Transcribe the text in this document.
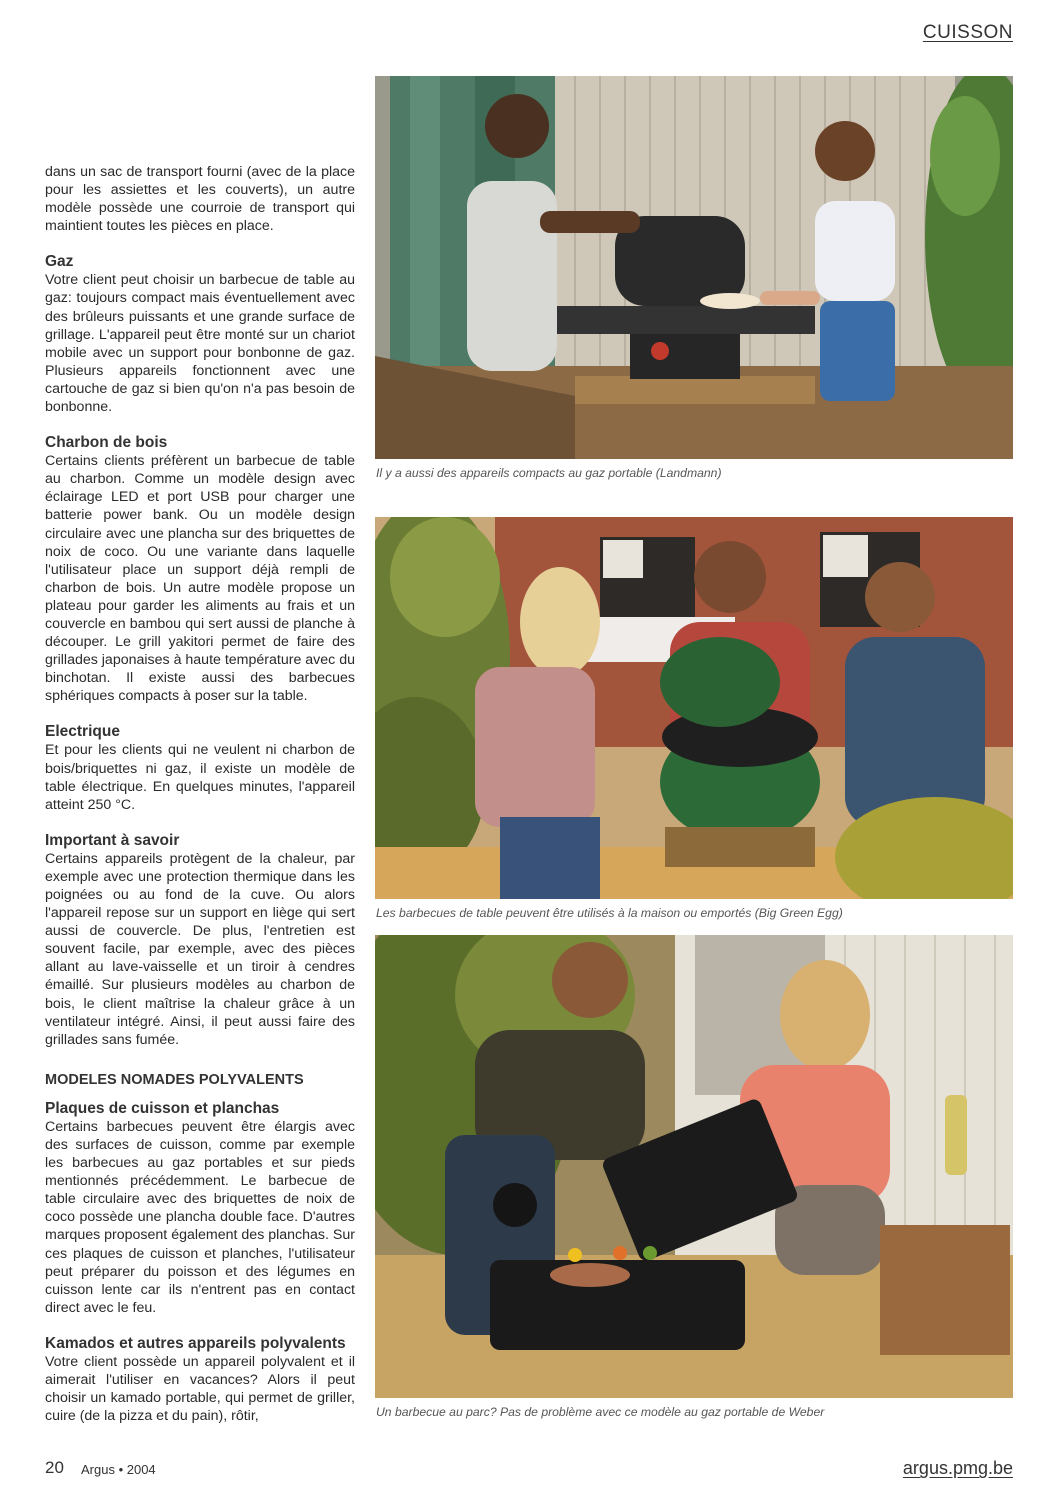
CUISSON

dans un sac de transport fourni (avec de la place pour les assiettes et les couverts), un autre modèle possède une courroie de transport qui maintient toutes les pièces en place.

Gaz

Votre client peut choisir un barbecue de table au gaz: toujours compact mais éventuellement avec des brûleurs puissants et une grande surface de grillage. L'appareil peut être monté sur un chariot mobile avec un support pour bonbonne de gaz. Plusieurs appareils fonctionnent avec une cartouche de gaz si bien qu'on n'a pas besoin de bonbonne.

Charbon de bois

Certains clients préfèrent un barbecue de table au charbon. Comme un modèle design avec éclairage LED et port USB pour charger une batterie power bank. Ou un modèle design circulaire avec une plancha sur des briquettes de noix de coco. Ou une variante dans laquelle l'utilisateur place un support déjà rempli de charbon de bois. Un autre modèle propose un plateau pour garder les aliments au frais et un couvercle en bambou qui sert aussi de planche à découper. Le grill yakitori permet de faire des grillades japonaises à haute température avec du binchotan. Il existe aussi des barbecues sphériques compacts à poser sur la table.

Electrique

Et pour les clients qui ne veulent ni charbon de bois/briquettes ni gaz, il existe un modèle de table électrique. En quelques minutes, l'appareil atteint 250 °C.

Important à savoir

Certains appareils protègent de la chaleur, par exemple avec une protection thermique dans les poignées ou au fond de la cuve. Ou alors l'appareil repose sur un support en liège qui sert aussi de couvercle. De plus, l'entretien est souvent facile, par exemple, avec des pièces allant au lave-vaisselle et un tiroir à cendres émaillé. Sur plusieurs modèles au charbon de bois, le client maîtrise la chaleur grâce à un ventilateur intégré. Ainsi, il peut aussi faire des grillades sans fumée.

MODELES NOMADES POLYVALENTS
Plaques de cuisson et planchas

Certains barbecues peuvent être élargis avec des surfaces de cuisson, comme par exemple les barbecues au gaz portables et sur pieds mentionnés précédemment. Le barbecue de table circulaire avec des briquettes de noix de coco possède une plancha double face. D'autres marques proposent également des planchas. Sur ces plaques de cuisson et planches, l'utilisateur peut préparer du poisson et des légumes en cuisson lente car ils n'entrent pas en contact direct avec le feu.

Kamados et autres appareils polyvalents

Votre client possède un appareil polyvalent et il aimerait l'utiliser en vacances? Alors il peut choisir un kamado portable, qui permet de griller, cuire (de la pizza et du pain), rôtir,

Il y a aussi des appareils compacts au gaz portable (Landmann)
Les barbecues de table peuvent être utilisés à la maison ou emportés (Big Green Egg)
Un barbecue au parc? Pas de problème avec ce modèle au gaz portable de Weber
20 Argus • 2004	argus.pmg.be
